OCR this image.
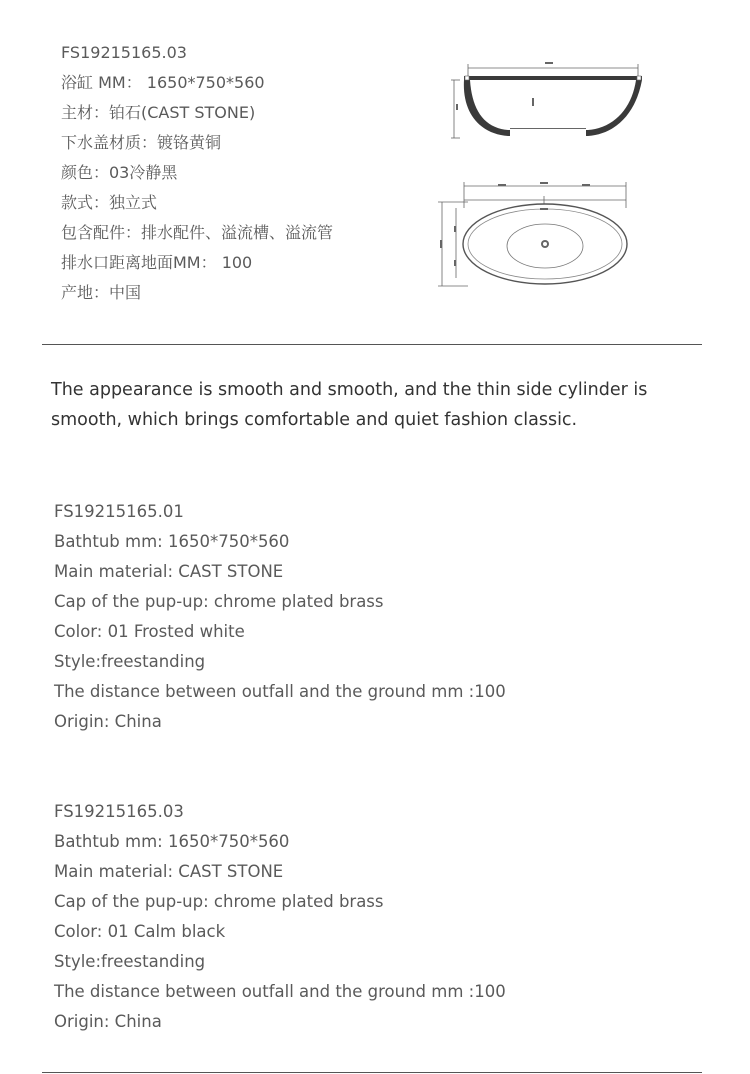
FS19215165.03
浴缸 MM： 1650*750*560
主材：铂石(CAST STONE)
下水盖材质：镀铬黄铜
颜色：03冷静黑
款式：独立式
包含配件：排水配件、溢流槽、溢流管
排水口距离地面MM： 100
产地：中国
The appearance is smooth and smooth, and the thin side cylinder is
smooth, which brings comfortable and quiet fashion classic.
FS19215165.01
Bathtub mm: 1650*750*560
Main material: CAST STONE
Cap of the pup-up: chrome plated brass
Color: 01 Frosted white
Style:freestanding
The distance between outfall and the ground mm :100
Origin: China
FS19215165.03
Bathtub mm: 1650*750*560
Main material: CAST STONE
Cap of the pup-up: chrome plated brass
Color: 01 Calm black
Style:freestanding
The distance between outfall and the ground mm :100
Origin: China
